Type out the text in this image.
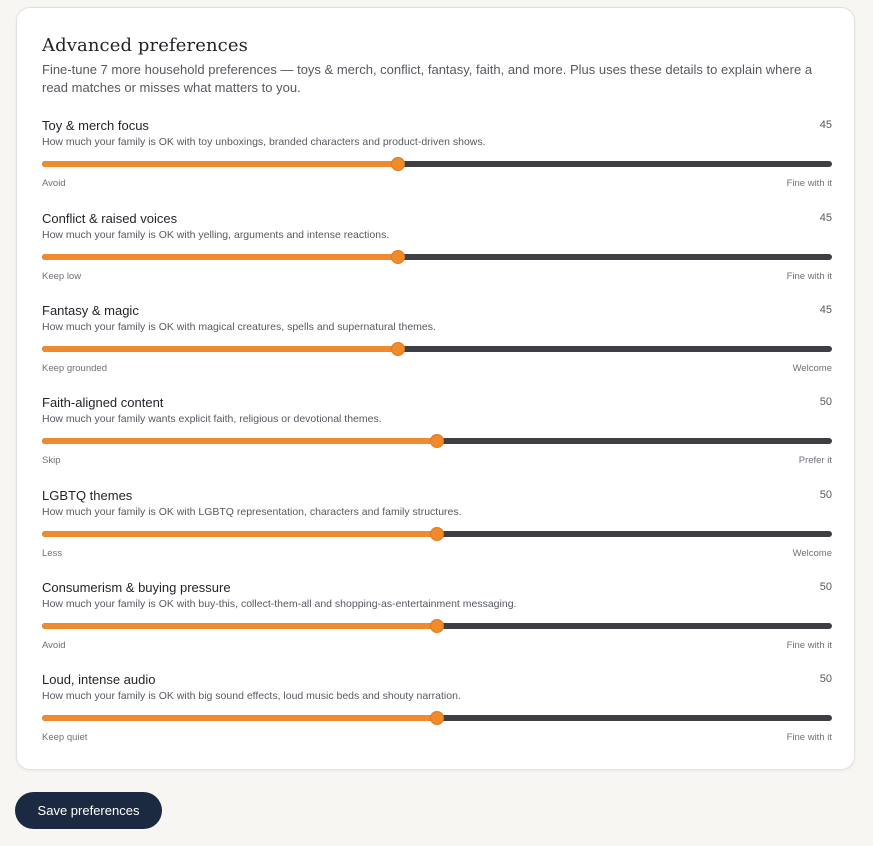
Advanced preferences
Fine-tune 7 more household preferences — toys & merch, conflict, fantasy, faith, and more. Plus uses these details to explain where a read matches or misses what matters to you.
Toy & merch focus	45
How much your family is OK with toy unboxings, branded characters and product-driven shows.
Avoid	Fine with it
Conflict & raised voices	45
How much your family is OK with yelling, arguments and intense reactions.
Keep low	Fine with it
Fantasy & magic	45
How much your family is OK with magical creatures, spells and supernatural themes.
Keep grounded	Welcome
Faith-aligned content	50
How much your family wants explicit faith, religious or devotional themes.
Skip	Prefer it
LGBTQ themes	50
How much your family is OK with LGBTQ representation, characters and family structures.
Less	Welcome
Consumerism & buying pressure	50
How much your family is OK with buy-this, collect-them-all and shopping-as-entertainment messaging.
Avoid	Fine with it
Loud, intense audio	50
How much your family is OK with big sound effects, loud music beds and shouty narration.
Keep quiet	Fine with it
Save preferences
